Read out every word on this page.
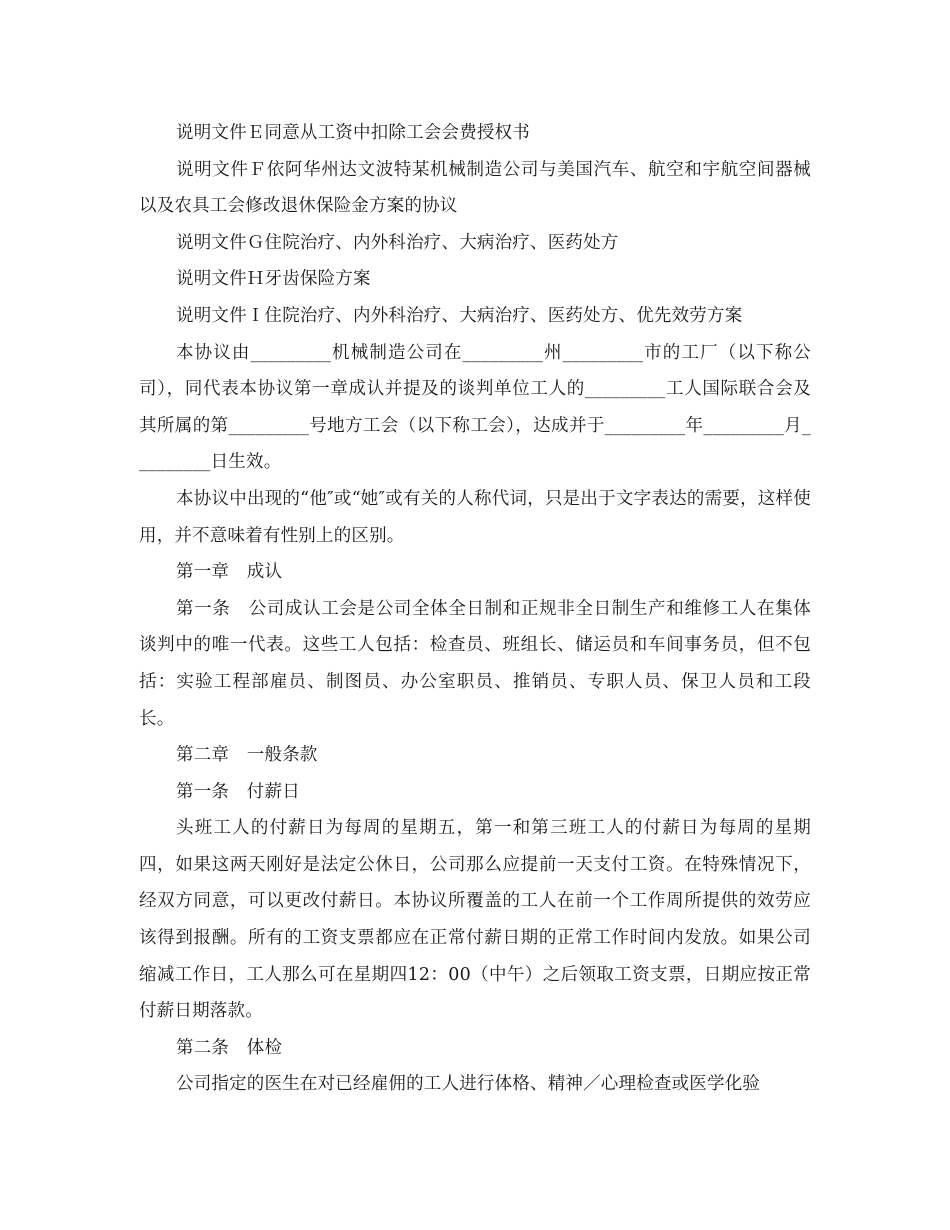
说明文件Ｅ同意从工资中扣除工会会费授权书

说明文件Ｆ依阿华州达文波特某机械制造公司与美国汽车、航空和宇航空间器械以及农具工会修改退休保险金方案的协议

说明文件Ｇ住院治疗、内外科治疗、大病治疗、医药处方

说明文件Ｈ牙齿保险方案

说明文件Ｉ住院治疗、内外科治疗、大病治疗、医药处方、优先效劳方案

本协议由_________机械制造公司在_________州_________市的工厂（以下称公司），同代表本协议第一章成认并提及的谈判单位工人的_________工人国际联合会及其所属的第_________号地方工会（以下称工会），达成并于_________年_________月_________日生效。

本协议中出现的“他″或“她″或有关的人称代词，只是出于文字表达的需要，这样使用，并不意味着有性别上的区别。

第一章　成认

第一条　公司成认工会是公司全体全日制和正规非全日制生产和维修工人在集体谈判中的唯一代表。这些工人包括：检查员、班组长、储运员和车间事务员，但不包括：实验工程部雇员、制图员、办公室职员、推销员、专职人员、保卫人员和工段长。

第二章　一般条款

第一条　付薪日

头班工人的付薪日为每周的星期五，第一和第三班工人的付薪日为每周的星期四，如果这两天刚好是法定公休日，公司那么应提前一天支付工资。在特殊情况下，经双方同意，可以更改付薪日。本协议所覆盖的工人在前一个工作周所提供的效劳应该得到报酬。所有的工资支票都应在正常付薪日期的正常工作时间内发放。如果公司缩减工作日，工人那么可在星期四12：00（中午）之后领取工资支票，日期应按正常付薪日期落款。

第二条　体检

公司指定的医生在对已经雇佣的工人进行体格、精神／心理检查或医学化验
